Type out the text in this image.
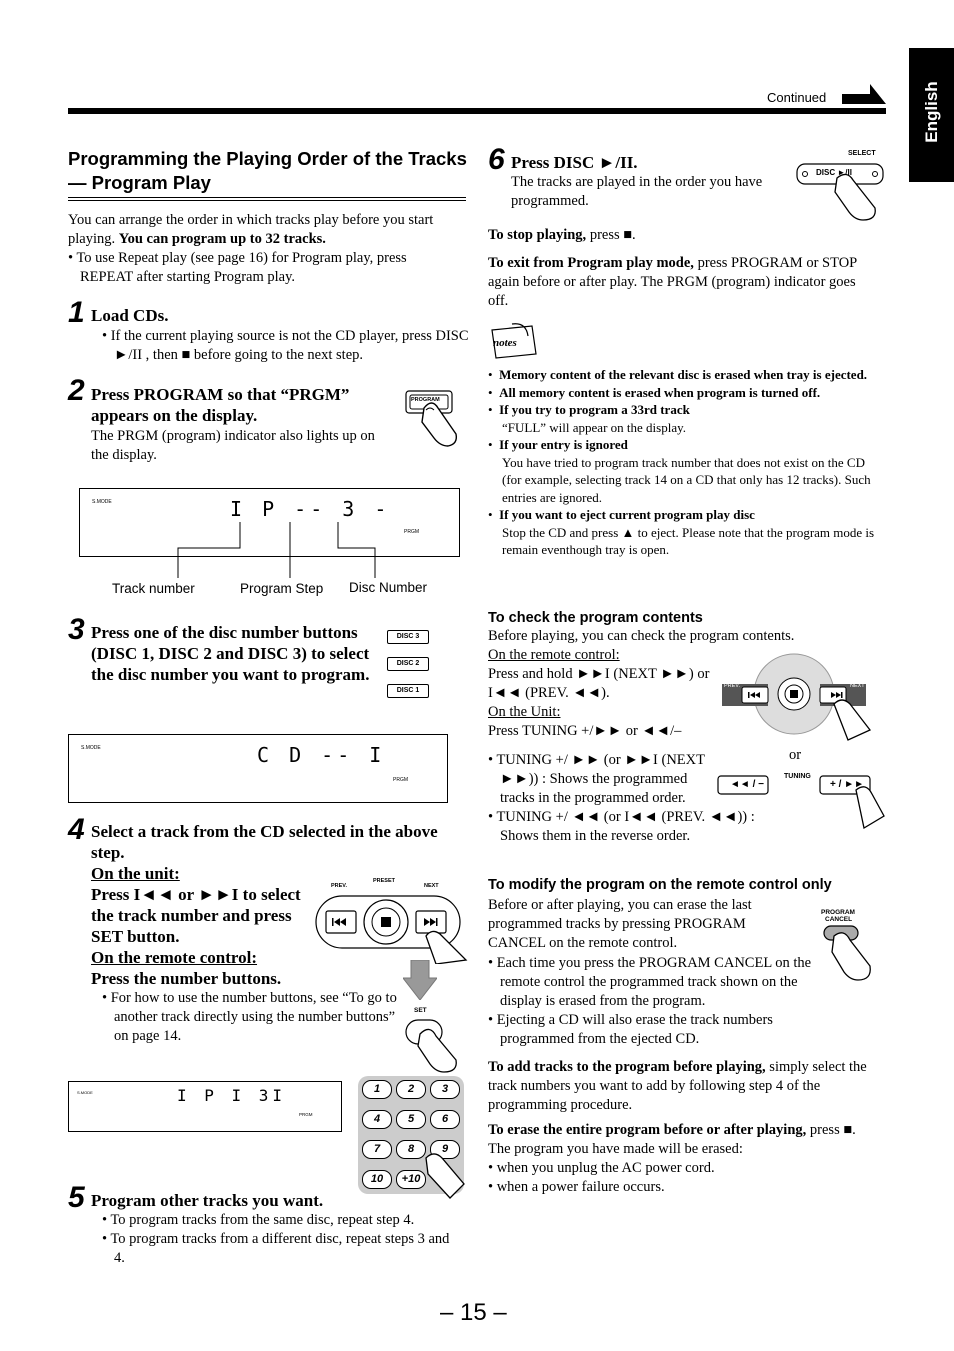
English
Continued
Programming the Playing Order of the Tracks — Program Play
You can arrange the order in which tracks play before you start playing. You can program up to 32 tracks.
• To use Repeat play (see page 16) for Program play, press REPEAT after starting Program play.
1 Load CDs.
• If the current playing source is not the CD player, press DISC ►/II , then ■ before going to the next step.
2 Press PROGRAM so that “PRGM” appears on the display.
The PRGM (program) indicator also lights up on the display.
PROGRAM
S.MODE	I P -- 3 -
PRGM
Track number	Program Step Disc Number
3 Press one of the disc number buttons (DISC 1, DISC 2 and DISC 3) to select the disc number you want to program.
DISC 3
DISC 2
DISC 1
S.MODE	C D -- I
PRGM
4 Select a track from the CD selected in the above step.
On the unit:
Press I◄◄ or ►►I to select the track number and press SET button.
On the remote control:
Press the number buttons.
• For how to use the number buttons, see “To go to another track directly using the number buttons” on page 14.
PREV.
PRESET
NEXT
SET
S.MODE	I P I 3I
PRGM
1	2	3
4	5	6
7	8	9
10	+10
5 Program other tracks you want.
• To program tracks from the same disc, repeat step 4.
• To program tracks from a different disc, repeat steps 3 and 4.
6 Press DISC ►/II.
The tracks are played in the order you have programmed.
SELECT
DISC ►/II
To stop playing, press ■.
To exit from Program play mode, press PROGRAM or STOP again before or after play. The PRGM (program) indicator goes off.
notes
•  Memory content of the relevant disc is erased when tray is ejected.
•  All memory content is erased when program is turned off.
•  If you try to program a 33rd track
“FULL” will appear on the display.
•  If your entry is ignored
You have tried to program track number that does not exist on the CD (for example, selecting track 14 on a CD that only has 12 tracks). Such entries are ignored.
•  If you want to eject current program play disc
Stop the CD and press ▲ to eject. Please note that the program mode is remain eventhough tray is open.
To check the program contents
Before playing, you can check the program contents.
On the remote control:
Press and hold ►►I (NEXT ►►) or I◄◄ (PREV. ◄◄).
On the Unit:
Press TUNING +/►► or ◄◄/–
PREV.	NEXT
or
◄◄ / −
TUNING
+ / ►►
• TUNING +/ ►► (or ►►I (NEXT ►►)) : Shows the programmed tracks in the programmed order.
• TUNING +/ ◄◄ (or I◄◄ (PREV. ◄◄)) : Shows them in the reverse order.
To modify the program on the remote control only
Before or after playing, you can erase the last programmed tracks by pressing PROGRAM CANCEL on the remote control.
• Each time you press the PROGRAM CANCEL on the remote control the programmed track shown on the display is erased from the program.
• Ejecting a CD will also erase the track numbers programmed from the ejected CD.
PROGRAM
CANCEL
To add tracks to the program before playing, simply select the track numbers you want to add by following step 4 of the programming procedure.
To erase the entire program before or after playing, press ■.
The program you have made will be erased:
• when you unplug the AC power cord.
• when a power failure occurs.
– 15 –
